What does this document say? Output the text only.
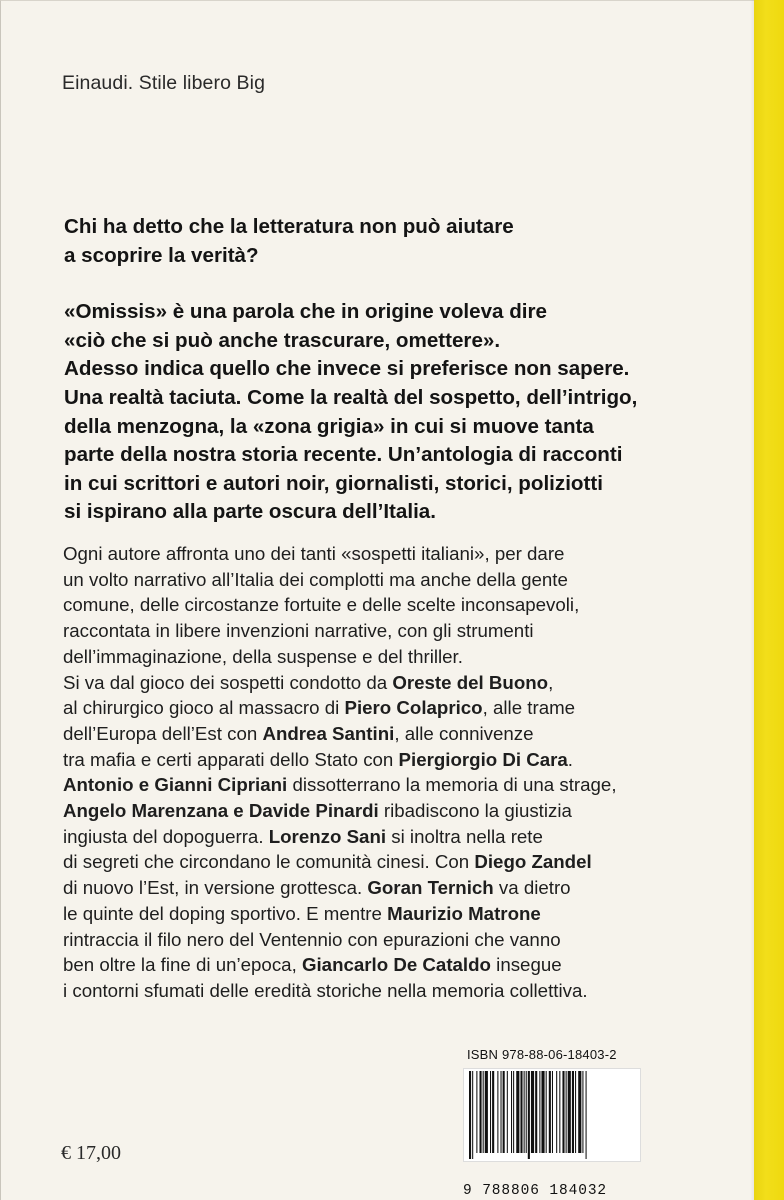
Einaudi. Stile libero Big

Chi ha detto che la letteratura non può aiutare
a scoprire la verità?

«Omissis» è una parola che in origine voleva dire
«ciò che si può anche trascurare, omettere».
Adesso indica quello che invece si preferisce non sapere.
Una realtà taciuta. Come la realtà del sospetto, dell’intrigo,
della menzogna, la «zona grigia» in cui si muove tanta
parte della nostra storia recente. Un’antologia di racconti
in cui scrittori e autori noir, giornalisti, storici, poliziotti
si ispirano alla parte oscura dell’Italia.

Ogni autore affronta uno dei tanti «sospetti italiani», per dare
un volto narrativo all’Italia dei complotti ma anche della gente
comune, delle circostanze fortuite e delle scelte inconsapevoli,
raccontata in libere invenzioni narrative, con gli strumenti
dell’immaginazione, della suspense e del thriller.
Si va dal gioco dei sospetti condotto da Oreste del Buono,
al chirurgico gioco al massacro di Piero Colaprico, alle trame
dell’Europa dell’Est con Andrea Santini, alle connivenze
tra mafia e certi apparati dello Stato con Piergiorgio Di Cara.
Antonio e Gianni Cipriani dissotterrano la memoria di una strage,
Angelo Marenzana e Davide Pinardi ribadiscono la giustizia
ingiusta del dopoguerra. Lorenzo Sani si inoltra nella rete
di segreti che circondano le comunità cinesi. Con Diego Zandel
di nuovo l’Est, in versione grottesca. Goran Ternich va dietro
le quinte del doping sportivo. E mentre Maurizio Matrone
rintraccia il filo nero del Ventennio con epurazioni che vanno
ben oltre la fine di un’epoca, Giancarlo De Cataldo insegue
i contorni sfumati delle eredità storiche nella memoria collettiva.
ISBN 978-88-06-18403-2
9 788806 184032
€ 17,00
